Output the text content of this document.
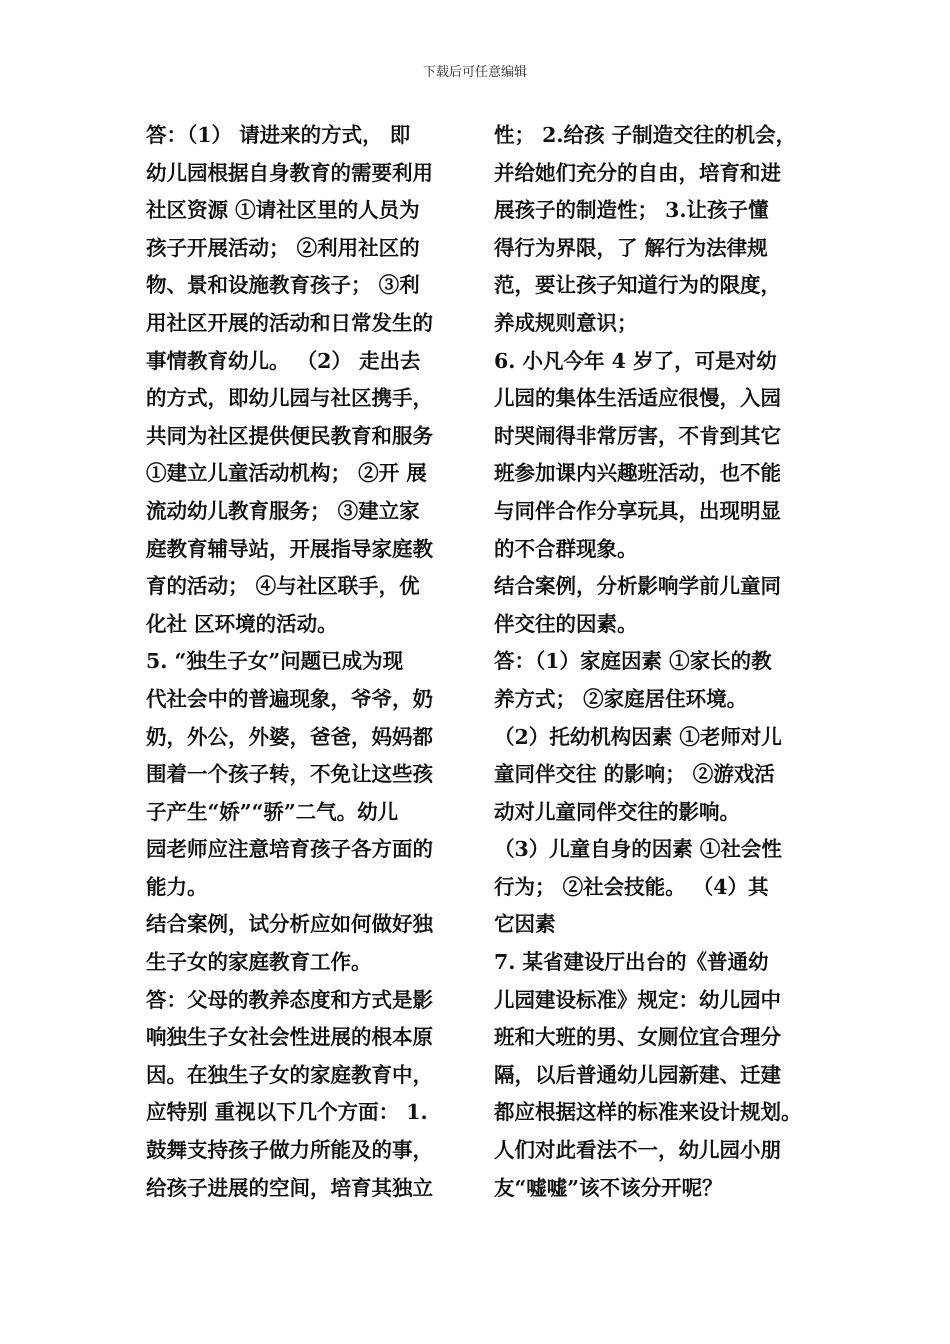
下载后可任意编辑
答：（1） 请进来的方式， 即
幼儿园根据自身教育的需要利用
社区资源 ①请社区里的人员为
孩子开展活动； ②利用社区的
物、景和设施教育孩子； ③利
用社区开展的活动和日常发生的
事情教育幼儿。 （2） 走出去
的方式，即幼儿园与社区携手，
共同为社区提供便民教育和服务
①建立儿童活动机构； ②开 展
流动幼儿教育服务； ③建立家
庭教育辅导站，开展指导家庭教
育的活动； ④与社区联手，优
化社 区环境的活动。
5. “独生子女”问题已成为现
代社会中的普遍现象，爷爷，奶
奶，外公，外婆，爸爸，妈妈都
围着一个孩子转，不免让这些孩
子产生“娇”“骄”二气。幼儿
园老师应注意培育孩子各方面的
能力。
结合案例，试分析应如何做好独
生子女的家庭教育工作。
答：父母的教养态度和方式是影
响独生子女社会性进展的根本原
因。在独生子女的家庭教育中，
应特别 重视以下几个方面： 1.
鼓舞支持孩子做力所能及的事，
给孩子进展的空间，培育其独立
性； 2.给孩 子制造交往的机会，
并给她们充分的自由，培育和进
展孩子的制造性； 3.让孩子懂
得行为界限，了 解行为法律规
范，要让孩子知道行为的限度，
养成规则意识；
6. 小凡今年 4 岁了，可是对幼
儿园的集体生活适应很慢，入园
时哭闹得非常厉害，不肯到其它
班参加课内兴趣班活动，也不能
与同伴合作分享玩具，出现明显
的不合群现象。
结合案例，分析影响学前儿童同
伴交往的因素。
答：（1）家庭因素 ①家长的教
养方式； ②家庭居住环境。
（2）托幼机构因素 ①老师对儿
童同伴交往 的影响； ②游戏活
动对儿童同伴交往的影响。
（3）儿童自身的因素 ①社会性
行为； ②社会技能。 （4）其
它因素
7. 某省建设厅出台的《普通幼
儿园建设标准》规定：幼儿园中
班和大班的男、女厕位宜合理分
隔，以后普通幼儿园新建、迁建
都应根据这样的标准来设计规划。
人们对此看法不一，幼儿园小朋
友“嘘嘘”该不该分开呢？
